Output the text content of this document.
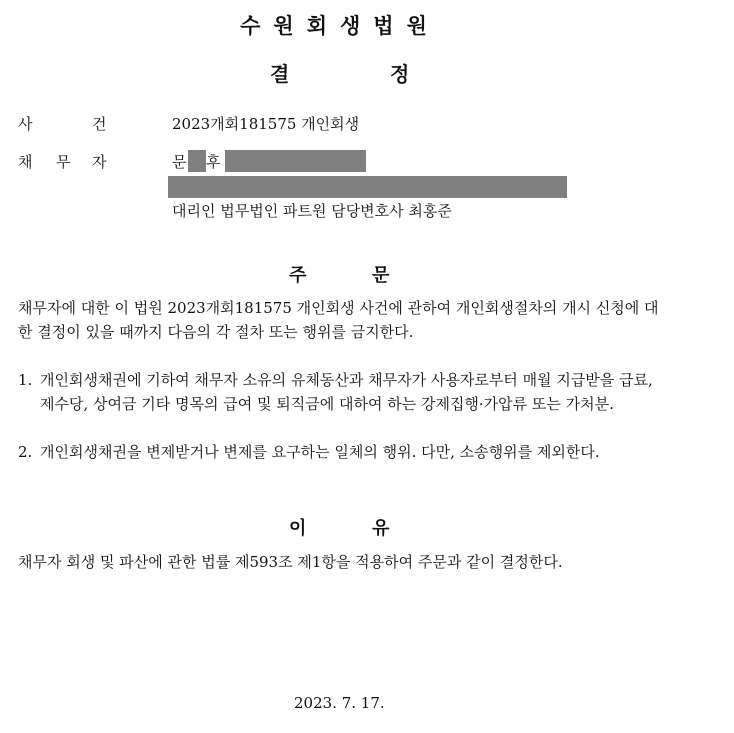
수원회생법원
결	정
사	건	2023개회181575 개인회생
채 무 자	문 후
대리인 법무법인 파트원 담당변호사 최홍준
주	문
채무자에 대한 이 법원 2023개회181575 개인회생 사건에 관하여 개인회생절차의 개시 신청에 대한 결정이 있을 때까지 다음의 각 절차 또는 행위를 금지한다.
1. 개인회생채권에 기하여 채무자 소유의 유체동산과 채무자가 사용자로부터 매월 지급받을 급료, 제수당, 상여금 기타 명목의 급여 및 퇴직금에 대하여 하는 강제집행·가압류 또는 가처분.
2. 개인회생채권을 변제받거나 변제를 요구하는 일체의 행위. 다만, 소송행위를 제외한다.
이	유
채무자 회생 및 파산에 관한 법률 제593조 제1항을 적용하여 주문과 같이 결정한다.
2023. 7. 17.
